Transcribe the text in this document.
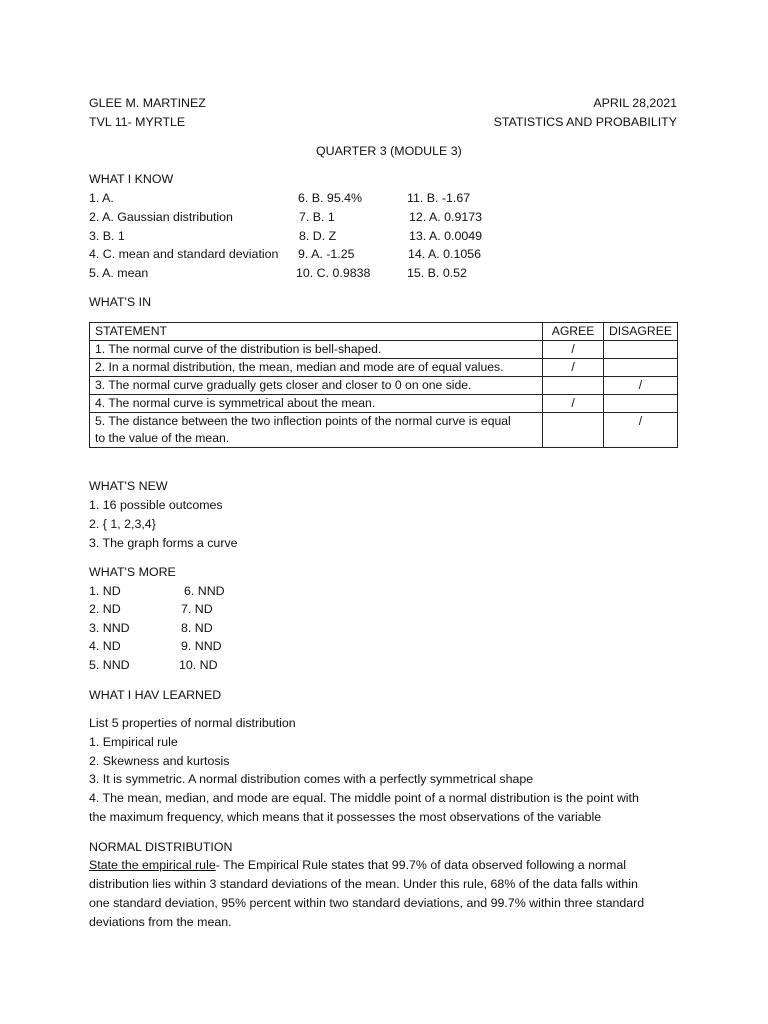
GLEE M. MARTINEZ	APRIL 28,2021
TVL 11- MYRTLE	STATISTICS AND PROBABILITY
QUARTER 3 (MODULE 3)
WHAT I KNOW
1. A.
2. A. Gaussian distribution
3. B. 1
4. C. mean and standard deviation
5. A. mean
6. B. 95.4%
7. B. 1
8. D. Z
9. A. -1.25
10. C. 0.9838
11. B. -1.67
12. A. 0.9173
13. A. 0.0049
14. A. 0.1056
15. B. 0.52
WHAT'S IN
STATEMENT	AGREE	DISAGREE
1. The normal curve of the distribution is bell-shaped.	/	
2. In a normal distribution, the mean, median and mode are of equal values.	/	
3. The normal curve gradually gets closer and closer to 0 on one side.		/
4. The normal curve is symmetrical about the mean.	/	

5. The distance between the two inflection points of the normal curve is equal
to the value of the mean.		/
WHAT'S NEW
1. 16 possible outcomes
2. { 1, 2,3,4}
3. The graph forms a curve
WHAT'S MORE
1. ND
2. ND
3. NND
4. ND
5. NND
6. NND
7. ND
8. ND
9. NND
10. ND
WHAT I HAV LEARNED
List 5 properties of normal distribution
1. Empirical rule
2. Skewness and kurtosis
3. It is symmetric. A normal distribution comes with a perfectly symmetrical shape
4. The mean, median, and mode are equal. The middle point of a normal distribution is the point with
the maximum frequency, which means that it possesses the most observations of the variable
NORMAL DISTRIBUTION
State the empirical rule- The Empirical Rule states that 99.7% of data observed following a normal
distribution lies within 3 standard deviations of the mean. Under this rule, 68% of the data falls within
one standard deviation, 95% percent within two standard deviations, and 99.7% within three standard
deviations from the mean.
